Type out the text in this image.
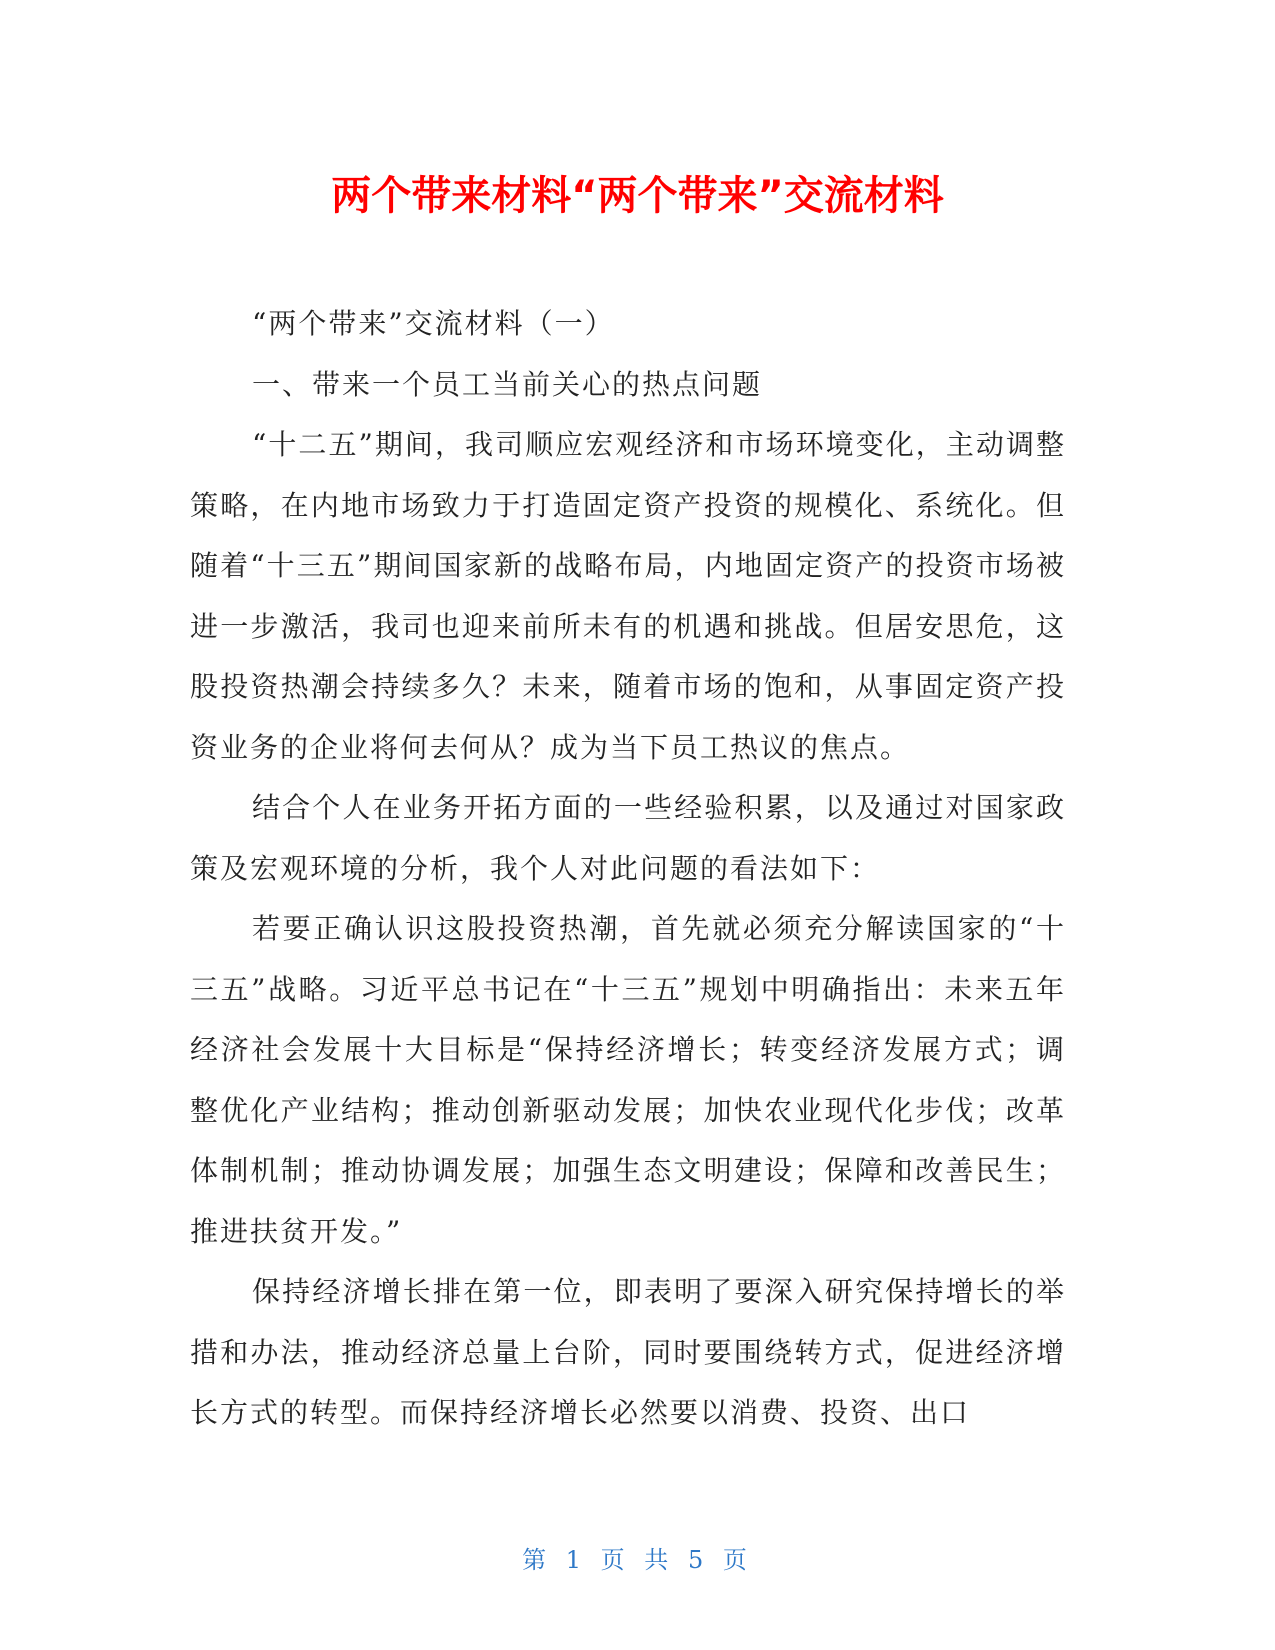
两个带来材料“两个带来”交流材料

“两个带来”交流材料（一）

一、带来一个员工当前关心的热点问题

“十二五”期间，我司顺应宏观经济和市场环境变化，主动调整策略，在内地市场致力于打造固定资产投资的规模化、系统化。但随着“十三五”期间国家新的战略布局，内地固定资产的投资市场被进一步激活，我司也迎来前所未有的机遇和挑战。但居安思危，这股投资热潮会持续多久？未来，随着市场的饱和，从事固定资产投资业务的企业将何去何从？成为当下员工热议的焦点。

结合个人在业务开拓方面的一些经验积累，以及通过对国家政策及宏观环境的分析，我个人对此问题的看法如下：

若要正确认识这股投资热潮，首先就必须充分解读国家的“十三五”战略。习近平总书记在“十三五”规划中明确指出：未来五年经济社会发展十大目标是“保持经济增长；转变经济发展方式；调整优化产业结构；推动创新驱动发展；加快农业现代化步伐；改革体制机制；推动协调发展；加强生态文明建设；保障和改善民生；推进扶贫开发。”

保持经济增长排在第一位，即表明了要深入研究保持增长的举措和办法，推动经济总量上台阶，同时要围绕转方式，促进经济增长方式的转型。而保持经济增长必然要以消费、投资、出口

第 1 页 共 5 页
